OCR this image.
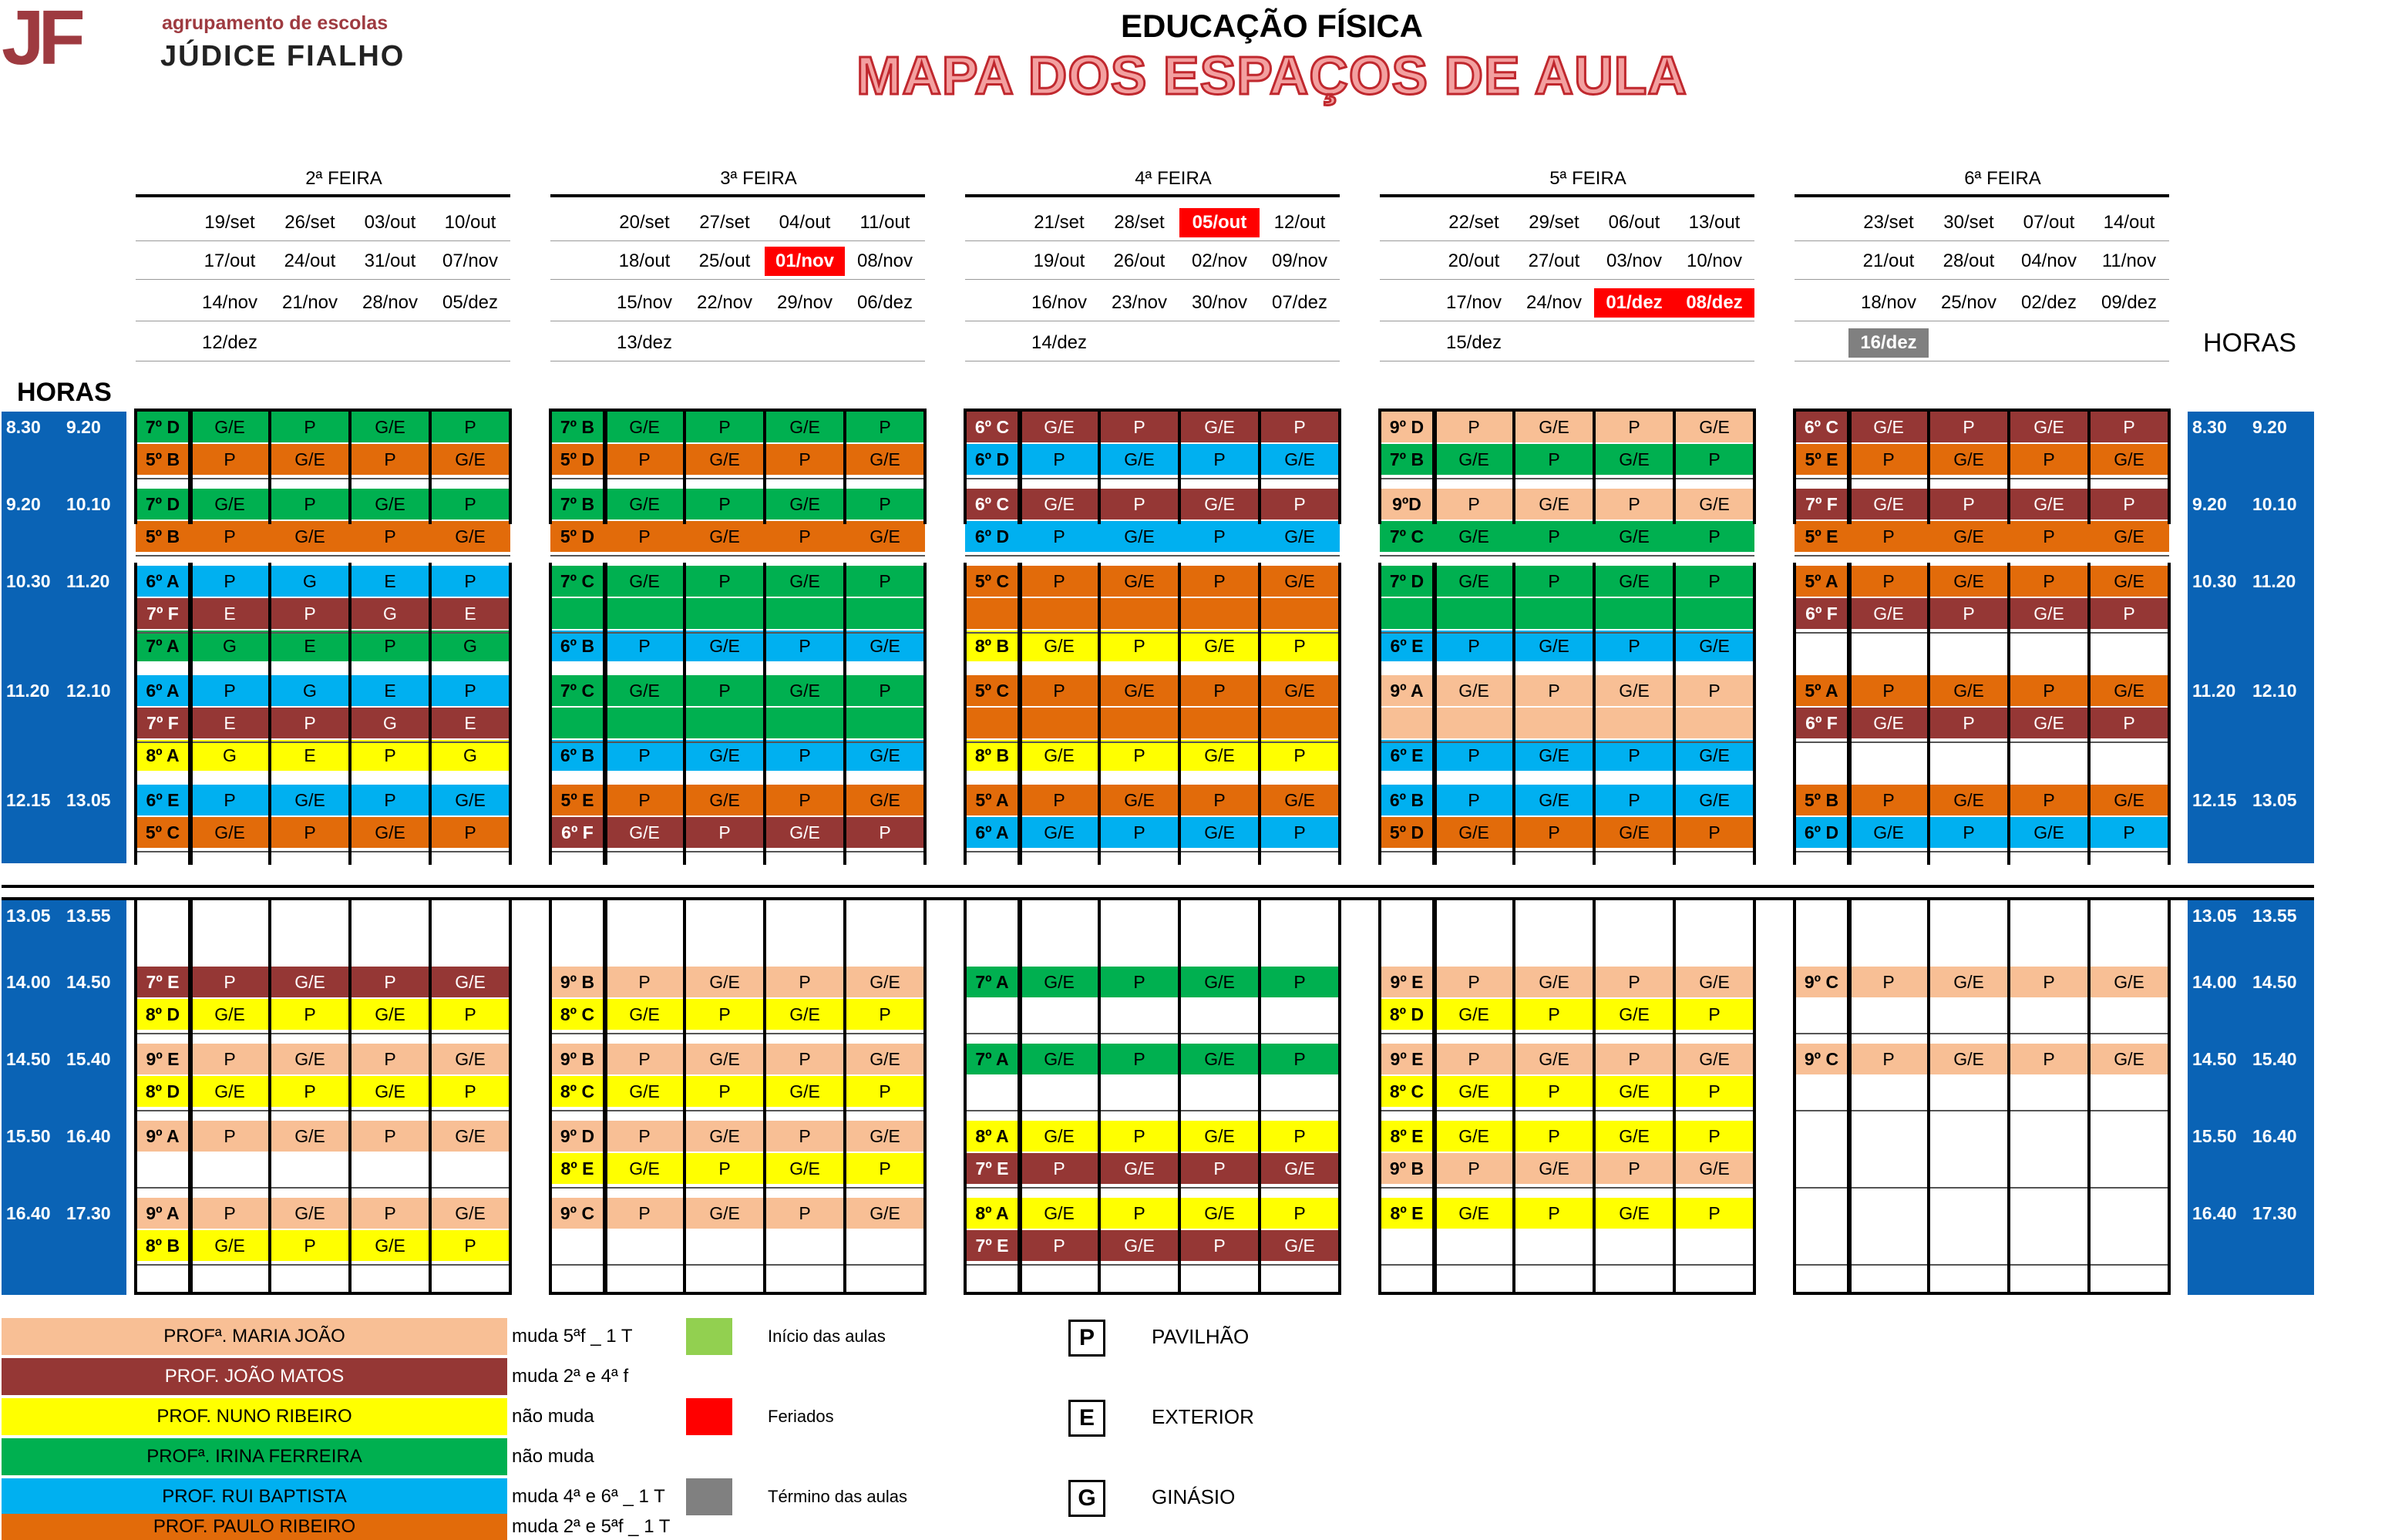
JF	agrupamento de escolas
JÚDICE FIALHO
EDUCAÇÃO FÍSICA
MAPA DOS ESPAÇOS DE AULA
HORAS
HORAS
2ª FEIRA
19/set	26/set	03/out	10/out
17/out	24/out	31/out	07/nov
14/nov	21/nov	28/nov	05/dez
12/dez
3ª FEIRA
20/set	27/set	04/out	11/out
18/out	25/out	01/nov	08/nov
15/nov	22/nov	29/nov	06/dez
13/dez
4ª FEIRA
21/set	28/set	05/out	12/out
19/out	26/out	02/nov	09/nov
16/nov	23/nov	30/nov	07/dez
14/dez
5ª FEIRA
22/set	29/set	06/out	13/out
20/out	27/out	03/nov	10/nov
17/nov	24/nov	01/dez	08/dez
15/dez
6ª FEIRA
23/set	30/set	07/out	14/out
21/out	28/out	04/nov	11/nov
18/nov	25/nov	02/dez	09/dez
16/dez
8.30	9.20
9.20	10.10
10.30 11.20
11.20 12.10
12.15 13.05
13.05 13.55
14.00 14.50
14.50 15.40
15.50 16.40
16.40 17.30
8.30	9.20
9.20	10.10
10.30 11.20
11.20 12.10
12.15 13.05
13.05 13.55
14.00 14.50
14.50 15.40
15.50 16.40
16.40 17.30
7º D	G/E	P	G/E	P
5º B	P	G/E	P	G/E
7º D	G/E	P	G/E	P
5º B	P	G/E	P	G/E
6º A	P	G	E	P
7º F	E	P	G	E
7º A	G	E	P	G
6º A	P	G	E	P
7º F	E	P	G	E
8º A	G	E	P	G
6º E	P	G/E	P	G/E
5º C	G/E	P	G/E	P
7º E	P	G/E	P	G/E
8º D	G/E	P	G/E	P
9º E	P	G/E	P	G/E
8º D	G/E	P	G/E	P
9º A	P	G/E	P	G/E
9º A	P	G/E	P	G/E
8º B	G/E	P	G/E	P
7º B	G/E	P	G/E	P
5º D	P	G/E	P	G/E
7º B	G/E	P	G/E	P
5º D	P	G/E	P	G/E
7º C	G/E	P	G/E	P
6º B	P	G/E	P	G/E
7º C	G/E	P	G/E	P
6º B	P	G/E	P	G/E
5º E	P	G/E	P	G/E
6º F	G/E	P	G/E	P
9º B	P	G/E	P	G/E
8º C	G/E	P	G/E	P
9º B	P	G/E	P	G/E
8º C	G/E	P	G/E	P
9º D	P	G/E	P	G/E
8º E	G/E	P	G/E	P
9º C	P	G/E	P	G/E
6º C	G/E	P	G/E	P
6º D	P	G/E	P	G/E
6º C	G/E	P	G/E	P
6º D	P	G/E	P	G/E
5º C	P	G/E	P	G/E
8º B	G/E	P	G/E	P
5º C	P	G/E	P	G/E
8º B	G/E	P	G/E	P
5º A	P	G/E	P	G/E
6º A	G/E	P	G/E	P
7º A	G/E	P	G/E	P
7º A	G/E	P	G/E	P
8º A	G/E	P	G/E	P
7º E	P	G/E	P	G/E
8º A	G/E	P	G/E	P
7º E	P	G/E	P	G/E
9º D	P	G/E	P	G/E
7º B	G/E	P	G/E	P
9ºD	P	G/E	P	G/E
7º C	G/E	P	G/E	P
7º D	G/E	P	G/E	P
6º E	P	G/E	P	G/E
9º A	G/E	P	G/E	P
6º E	P	G/E	P	G/E
6º B	P	G/E	P	G/E
5º D	G/E	P	G/E	P
9º E	P	G/E	P	G/E
8º D	G/E	P	G/E	P
9º E	P	G/E	P	G/E
8º C	G/E	P	G/E	P
8º E	G/E	P	G/E	P
9º B	P	G/E	P	G/E
8º E	G/E	P	G/E	P
6º C	G/E	P	G/E	P
5º E	P	G/E	P	G/E
7º F	G/E	P	G/E	P
5º E	P	G/E	P	G/E
5º A	P	G/E	P	G/E
6º F	G/E	P	G/E	P
5º A	P	G/E	P	G/E
6º F	G/E	P	G/E	P
5º B	P	G/E	P	G/E
6º D	G/E	P	G/E	P
9º C	P	G/E	P	G/E
9º C	P	G/E	P	G/E
PROFª. MARIA JOÃO	muda 5ªf _ 1 T
PROF. JOÃO MATOS	muda 2ª e 4ª f
PROF. NUNO RIBEIRO	não muda
PROFª. IRINA FERREIRA	não muda
PROF. RUI BAPTISTA	muda 4ª e 6ª _ 1 T
PROF. PAULO RIBEIRO	muda 2ª e 5ªf _ 1 T
Início das aulas
Feriados
Término das aulas
P	PAVILHÃO
E	EXTERIOR
G	GINÁSIO
